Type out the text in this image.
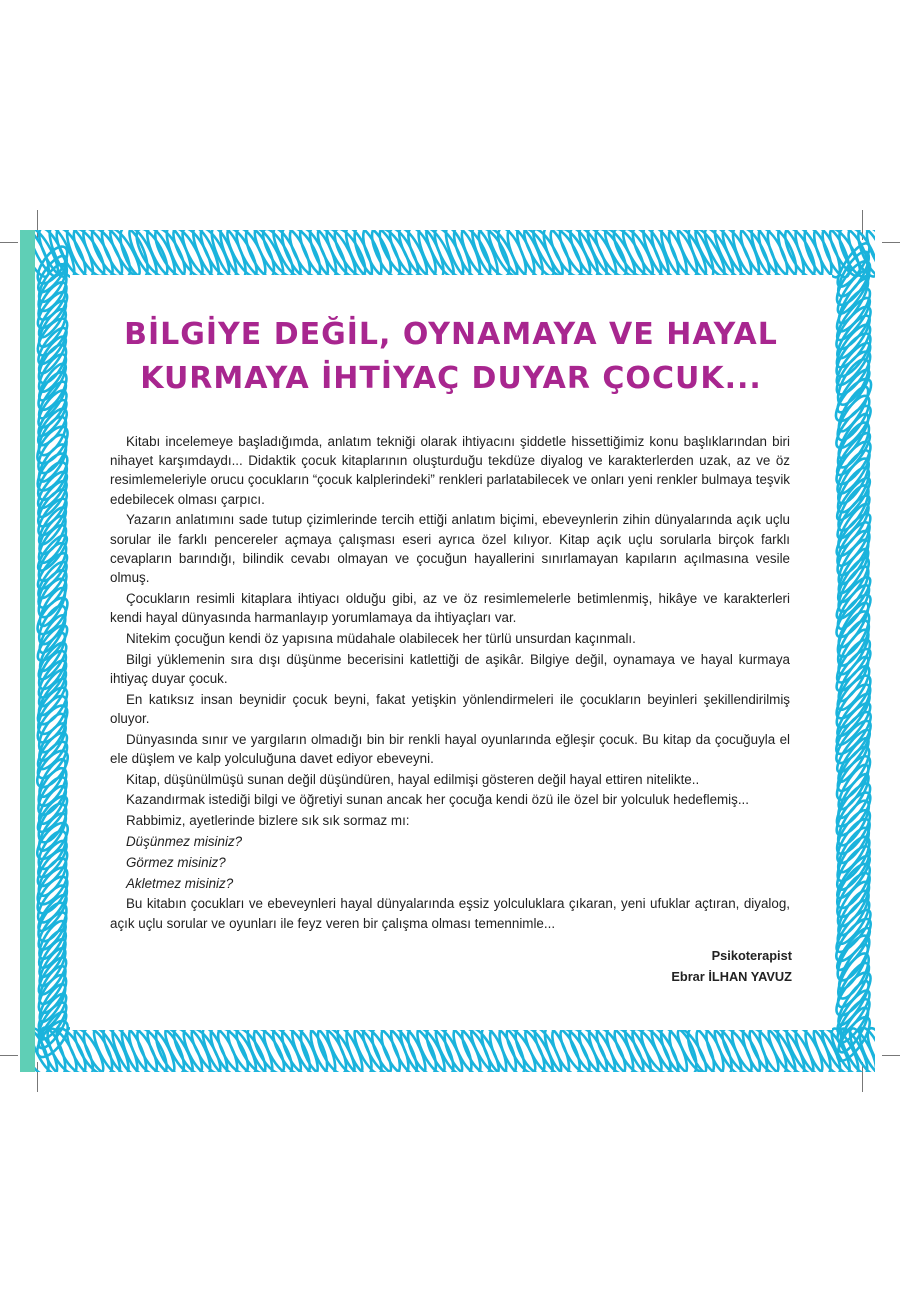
BİLGİYE DEĞİL, OYNAMAYA VE HAYAL
KURMAYA İHTİYAÇ DUYAR ÇOCUK...

Kitabı incelemeye başladığımda, anlatım tekniği olarak ihtiyacını şiddetle hissettiğimiz konu başlıklarından biri nihayet karşımdaydı... Didaktik çocuk kitaplarının oluşturduğu tekdüze diyalog ve karakterlerden uzak, az ve öz resimlemeleriyle orucu çocukların “çocuk kalplerindeki” renkleri parlatabilecek ve onları yeni renkler bulmaya teşvik edebilecek olması çarpıcı.

Yazarın anlatımını sade tutup çizimlerinde tercih ettiği anlatım biçimi, ebeveynlerin zihin dünyalarında açık uçlu sorular ile farklı pencereler açmaya çalışması eseri ayrıca özel kılıyor. Kitap açık uçlu sorularla birçok farklı cevapların barındığı, bilindik cevabı olmayan ve çocuğun hayallerini sınırlamayan kapıların açılmasına vesile olmuş.

Çocukların resimli kitaplara ihtiyacı olduğu gibi, az ve öz resimlemelerle betimlenmiş, hikâye ve karakterleri kendi hayal dünyasında harmanlayıp yorumlamaya da ihtiyaçları var.

Nitekim çocuğun kendi öz yapısına müdahale olabilecek her türlü unsurdan kaçınmalı.

Bilgi yüklemenin sıra dışı düşünme becerisini katlettiği de aşikâr. Bilgiye değil, oynamaya ve hayal kurmaya ihtiyaç duyar çocuk.

En katıksız insan beynidir çocuk beyni, fakat yetişkin yönlendirmeleri ile çocukların beyinleri şekillendirilmiş oluyor.

Dünyasında sınır ve yargıların olmadığı bin bir renkli hayal oyunlarında eğleşir çocuk. Bu kitap da çocuğuyla el ele düşlem ve kalp yolculuğuna davet ediyor ebeveyni.

Kitap, düşünülmüşü sunan değil düşündüren, hayal edilmişi gösteren değil hayal ettiren nitelikte..

Kazandırmak istediği bilgi ve öğretiyi sunan ancak her çocuğa kendi özü ile özel bir yolculuk hedeflemiş...

Rabbimiz, ayetlerinde bizlere sık sık sormaz mı:

Düşünmez misiniz?

Görmez misiniz?

Akletmez misiniz?

Bu kitabın çocukları ve ebeveynleri hayal dünyalarında eşsiz yolculuklara çıkaran, yeni ufuklar açtıran, diyalog, açık uçlu sorular ve oyunları ile feyz veren bir çalışma olması temennimle...

Psikoterapist
Ebrar İLHAN YAVUZ
